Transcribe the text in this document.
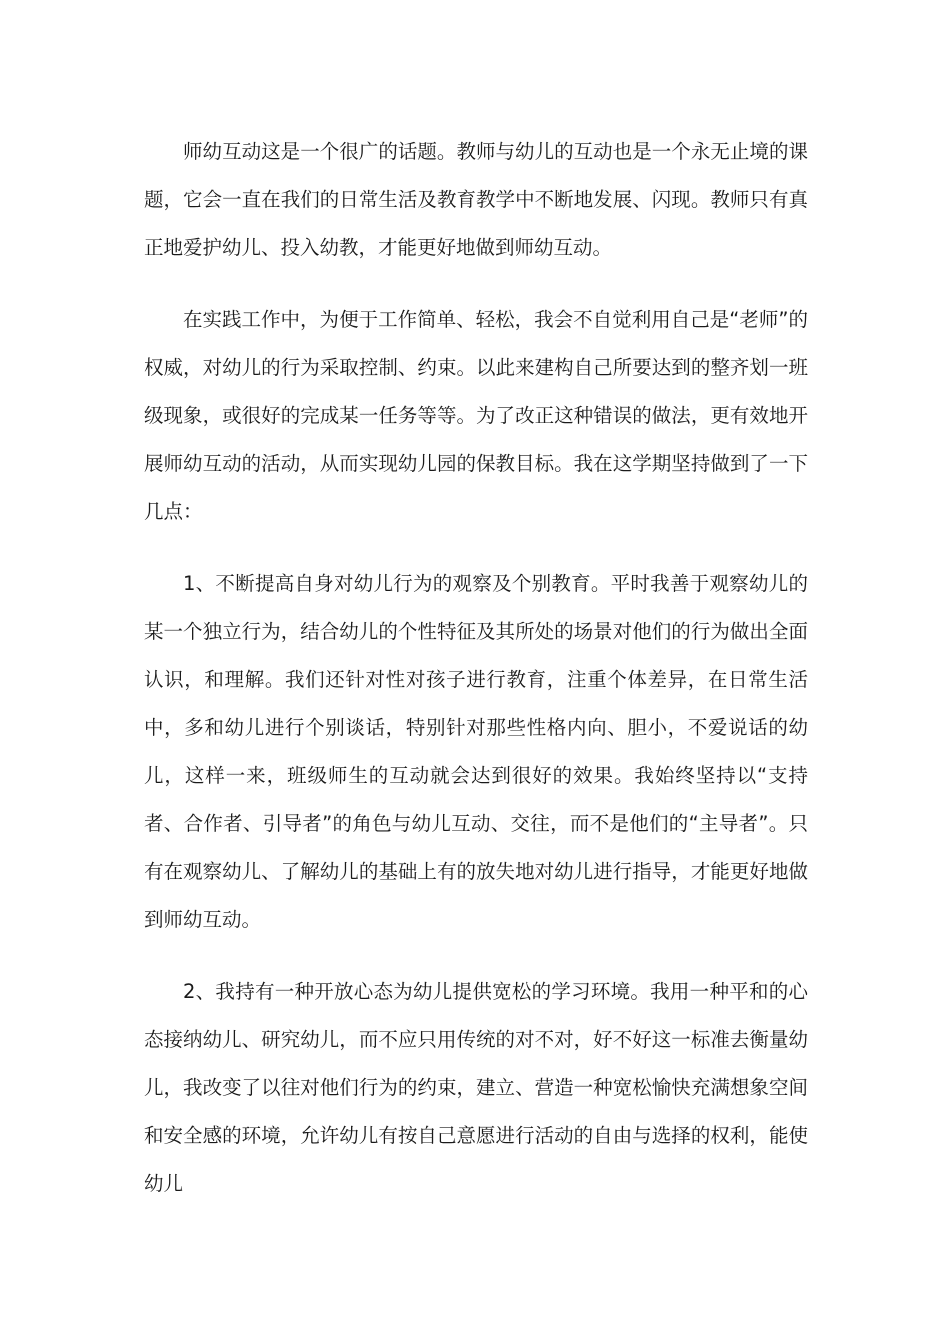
师幼互动这是一个很广的话题。教师与幼儿的互动也是一个永无止境的课题，它会一直在我们的日常生活及教育教学中不断地发展、闪现。教师只有真正地爱护幼儿、投入幼教，才能更好地做到师幼互动。

在实践工作中，为便于工作简单、轻松，我会不自觉利用自己是“老师”的权威，对幼儿的行为采取控制、约束。以此来建构自己所要达到的整齐划一班级现象，或很好的完成某一任务等等。为了改正这种错误的做法，更有效地开展师幼互动的活动，从而实现幼儿园的保教目标。我在这学期坚持做到了一下几点：

1、不断提高自身对幼儿行为的观察及个别教育。平时我善于观察幼儿的某一个独立行为，结合幼儿的个性特征及其所处的场景对他们的行为做出全面认识，和理解。我们还针对性对孩子进行教育，注重个体差异，在日常生活中，多和幼儿进行个别谈话，特别针对那些性格内向、胆小，不爱说话的幼儿，这样一来，班级师生的互动就会达到很好的效果。我始终坚持以“支持者、合作者、引导者”的角色与幼儿互动、交往，而不是他们的“主导者”。只有在观察幼儿、了解幼儿的基础上有的放失地对幼儿进行指导，才能更好地做到师幼互动。

2、我持有一种开放心态为幼儿提供宽松的学习环境。我用一种平和的心态接纳幼儿、研究幼儿，而不应只用传统的对不对，好不好这一标准去衡量幼儿，我改变了以往对他们行为的约束，建立、营造一种宽松愉快充满想象空间和安全感的环境，允许幼儿有按自己意愿进行活动的自由与选择的权利，能使幼儿
